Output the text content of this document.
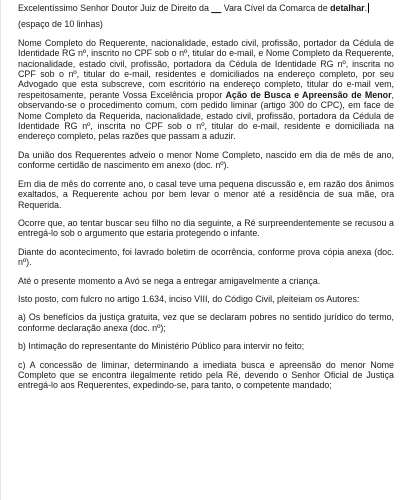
Excelentíssimo Senhor Doutor Juiz de Direito da __ Vara Cível da Comarca de detalhar.

(espaço de 10 linhas)

Nome Completo do Requerente, nacionalidade, estado civil, profissão, portador da Cédula de Identidade RG nº, inscrito no CPF sob o nº, titular do e-mail, e Nome Completo da Requerente, nacionalidade, estado civil, profissão, portadora da Cédula de Identidade RG nº, inscrita no CPF sob o nº, titular do e-mail, residentes e domiciliados na endereço completo, por seu Advogado que esta subscreve, com escritório na endereço completo, titular do e-mail vem, respeitosamente, perante Vossa Excelência propor Ação de Busca e Apreensão de Menor, observando-se o procedimento comum, com pedido liminar (artigo 300 do CPC), em face de Nome Completo da Requerida, nacionalidade, estado civil, profissão, portadora da Cédula de Identidade RG nº, inscrita no CPF sob o nº, titular do e-mail, residente e domiciliada na endereço completo, pelas razões que passam a aduzir.

Da união dos Requerentes adveio o menor Nome Completo, nascido em dia de mês de ano, conforme certidão de nascimento em anexo (doc. nº).

Em dia de mês do corrente ano, o casal teve uma pequena discussão e, em razão dos ânimos exaltados, a Requerente achou por bem levar o menor até a residência de sua mãe, ora Requerida.

Ocorre que, ao tentar buscar seu filho no dia seguinte, a Ré surpreendentemente se recusou a entregá-lo sob o argumento que estaria protegendo o infante.

Diante do acontecimento, foi lavrado boletim de ocorrência, conforme prova cópia anexa (doc. nº).

Até o presente momento a Avó se nega a entregar amigavelmente a criança.

Isto posto, com fulcro no artigo 1.634, inciso VIII, do Código Civil, pleiteiam os Autores:

a) Os benefícios da justiça gratuita, vez que se declaram pobres no sentido jurídico do termo, conforme declaração anexa (doc. nº);

b) Intimação do representante do Ministério Público para intervir no feito;

c) A concessão de liminar, determinando a imediata busca e apreensão do menor Nome Completo que se encontra ilegalmente retido pela Ré, devendo o Senhor Oficial de Justiça entregá-lo aos Requerentes, expedindo-se, para tanto, o competente mandado;
